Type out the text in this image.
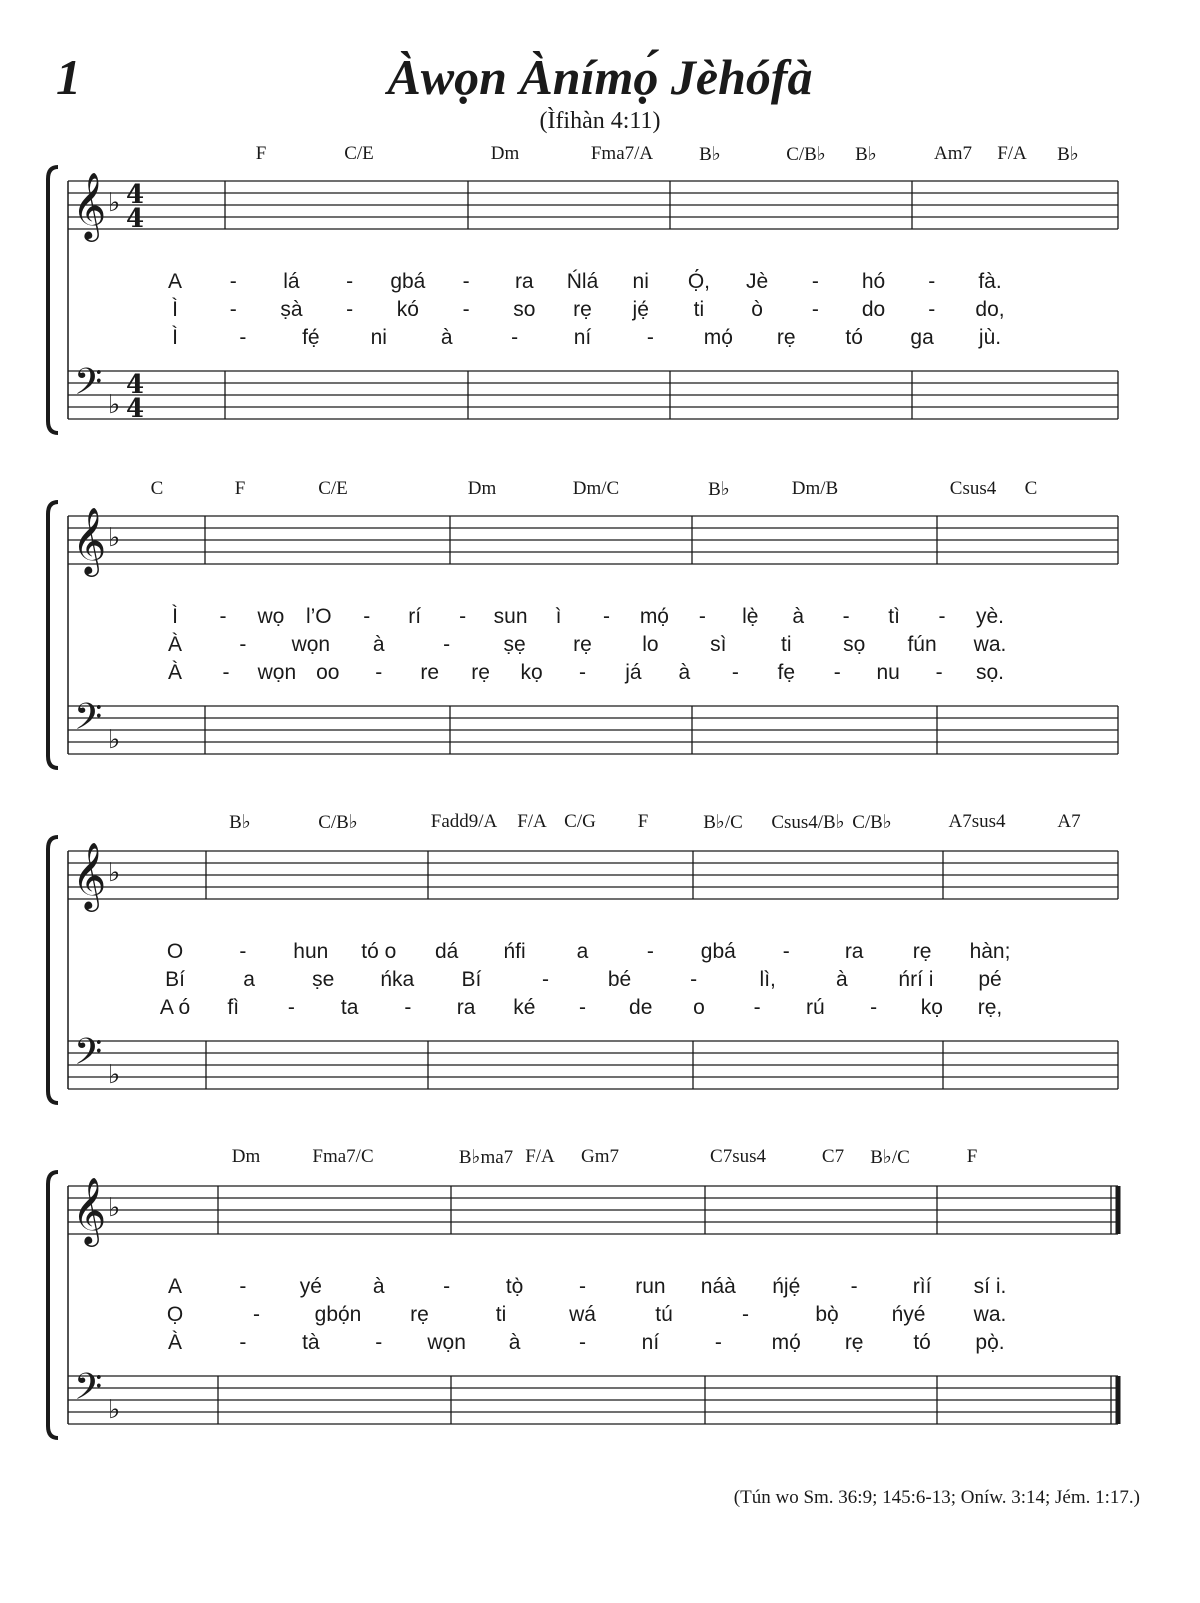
1	Àwọn Ànímọ́ Jèhófà
(Ìfihàn 4:11)
𝄞
𝄢
♭
♭
4
4
4
4
𝄞
𝄢
♭
♭
𝄞
𝄢
♭
♭
𝄞
𝄢
♭
♭
F	C/E	Dm	Fma7/A B♭	C/B♭ B♭	Am7 F/A B♭
A - lá - gbá - ra Ńlá ni Ọ́, Jè - hó - fà.
Ì - ṣà - kó - so rẹ jẹ́ ti ò - do - do,
Ì	-	fẹ́ ni	à	-	ní	- mọ́ rẹ tó ga jù.
C	F	C/E	Dm	Dm/C	B♭	Dm/B	Csus4 C
Ì - wọ l’O - rí - sun ì - mọ́ - lẹ̀ à - tì - yè.
À	- wọn à	-	ṣẹ rẹ lo sì	ti sọ fún wa.
À - wọn oo - re rẹ kọ - já à - fẹ - nu - sọ.
B♭	C/B♭	Fadd9/A F/A C/G F	B♭/C Csus4/B♭ C/B♭	A7sus4	A7
O	- hun tó o dá ńfi a	- gbá -	ra rẹ hàn;
Bí	a	ṣe ńka Bí	-	bé	-	lì,	à ńrí i pé
A ó fì - ta - ra ké - de o - rú - kọ rẹ,
Dm	Fma7/C	B♭ma7 F/A Gm7	C7sus4	C7 B♭/C	F
A	-	yé à	-	tọ̀	- run náà ńjẹ́ -	rìí sí i.
Ọ	-	gbọ́n rẹ	ti	wá	tú	-	bọ̀	ńyé wa.
À	-	tà	- wọn à	-	ní	- mọ́ rẹ tó pọ̀.
(Tún wo Sm. 36:9; 145:6-13; Oníw. 3:14; Jém. 1:17.)
